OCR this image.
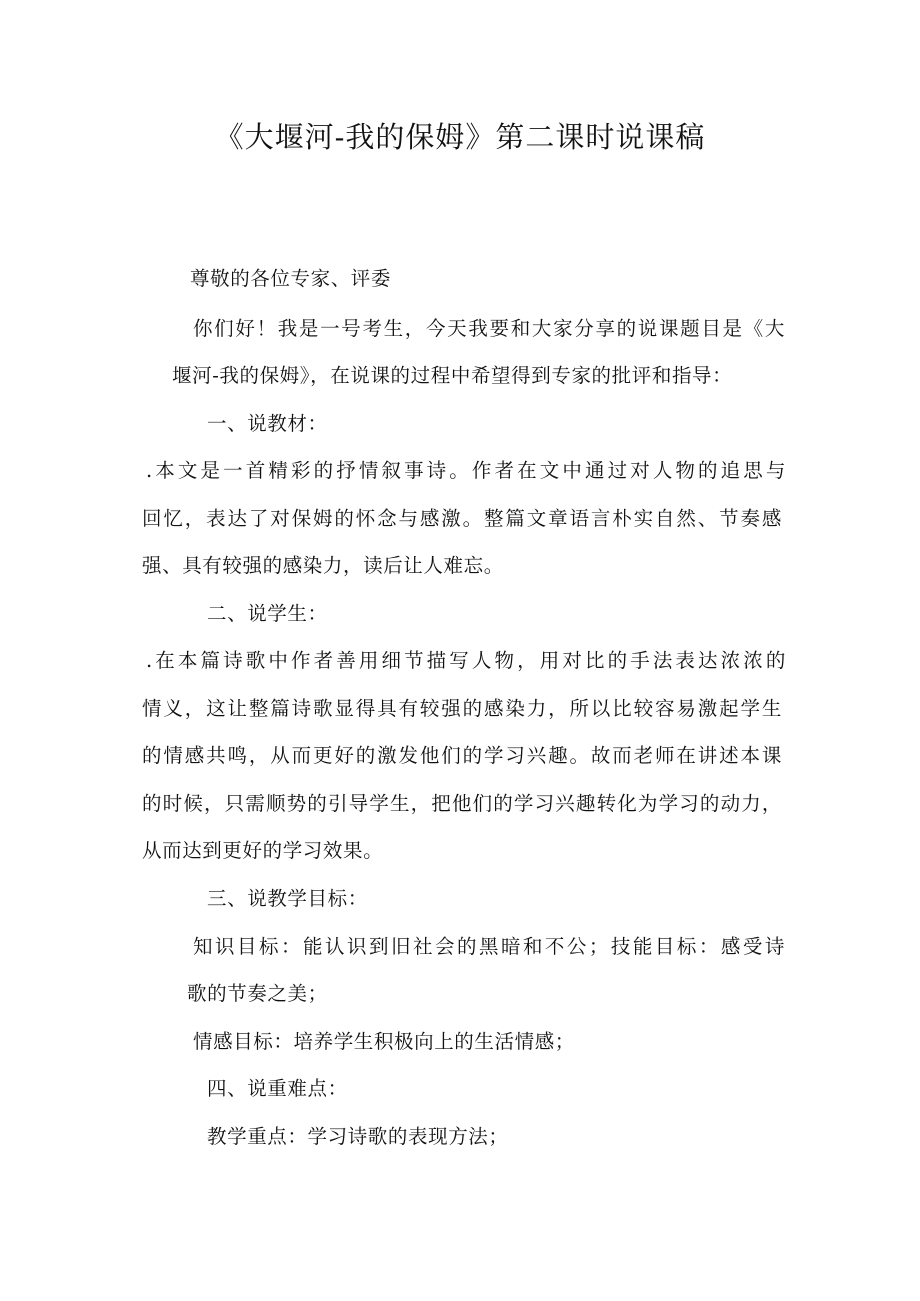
《大堰河-我的保姆》第二课时说课稿
尊敬的各位专家、评委
你们好！我是一号考生，今天我要和大家分享的说课题目是《大
堰河-我的保姆》，在说课的过程中希望得到专家的批评和指导：
一、说教材：
.本文是一首精彩的抒情叙事诗。作者在文中通过对人物的追思与
回忆，表达了对保姆的怀念与感激。整篇文章语言朴实自然、节奏感
强、具有较强的感染力，读后让人难忘。
二、说学生：
.在本篇诗歌中作者善用细节描写人物，用对比的手法表达浓浓的
情义，这让整篇诗歌显得具有较强的感染力，所以比较容易激起学生
的情感共鸣，从而更好的激发他们的学习兴趣。故而老师在讲述本课
的时候，只需顺势的引导学生，把他们的学习兴趣转化为学习的动力，
从而达到更好的学习效果。
三、说教学目标：
知识目标：能认识到旧社会的黑暗和不公；技能目标：感受诗
歌的节奏之美；
情感目标：培养学生积极向上的生活情感；
四、说重难点：
教学重点：学习诗歌的表现方法；
